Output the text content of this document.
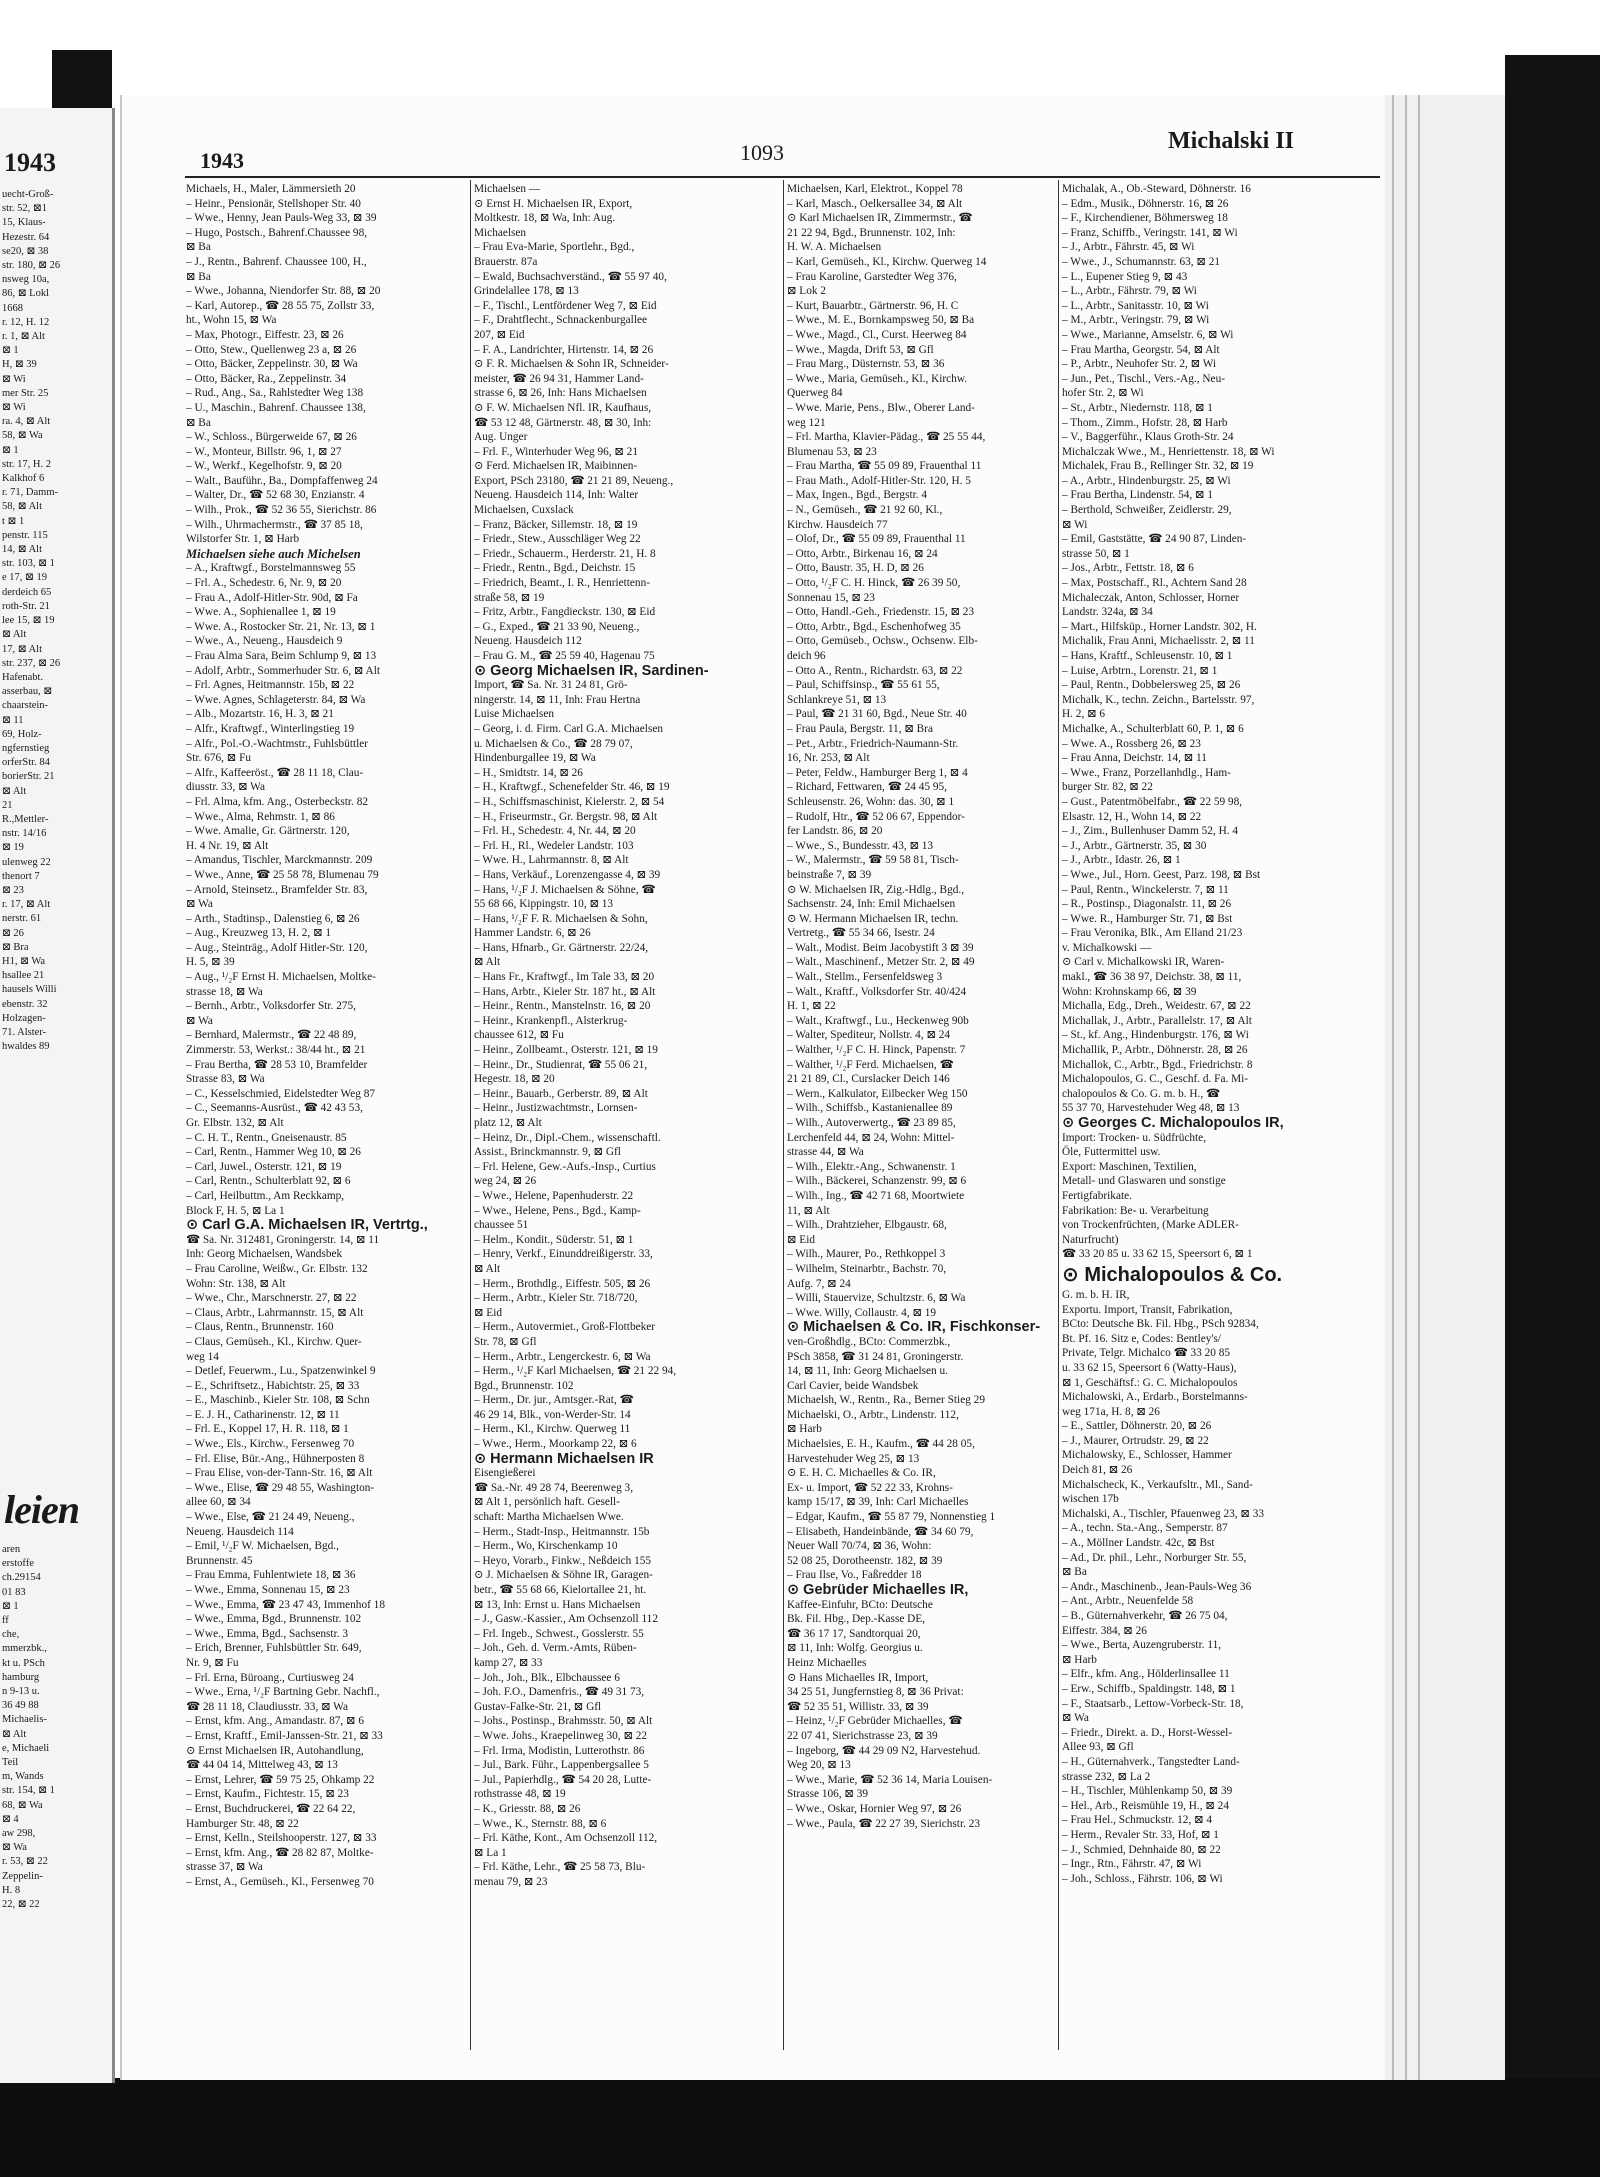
1943
uecht-Groß-
str. 52, ⊠1
15, Klaus-
Hezestr. 64
se20, ⊠ 38
str. 180, ⊠ 26
nsweg 10a,
86, ⊠ Lokl
1668
r. 12, H. 12
r. 1, ⊠ Alt
⊠ 1
H, ⊠ 39
⊠ Wi
mer Str. 25
⊠ Wi
ra. 4, ⊠ Alt
58, ⊠ Wa
⊠ 1
str. 17, H. 2
Kalkhof 6
r. 71, Damm-
58, ⊠ Alt
t ⊠ 1
penstr. 115
14, ⊠ Alt
str. 103, ⊠ 1
e 17, ⊠ 19
derdeich 65
roth-Str. 21
lee 15, ⊠ 19
⊠ Alt
17, ⊠ Alt
str. 237, ⊠ 26
Hafenabt.
asserbau, ⊠
chaarstein-
⊠ 11
69, Holz-
ngfernstieg
orferStr. 84
borierStr. 21
⊠ Alt
21
R.,Mettler-
nstr. 14/16
⊠ 19
ulenweg 22
thenort 7
⊠ 23
r. 17, ⊠ Alt
nerstr. 61
⊠ 26
⊠ Bra
H1, ⊠ Wa
hsallee 21
hausels Willi
ebenstr. 32
Holzagen-
71. Alster-
hwaldes 89
leien
aren
erstoffe
ch.29154
01 83
⊠ 1
ff
che,
mmerzbk.,
kt u. PSch
hamburg
n 9-13 u.
36 49 88
Michaelis-
⊠ Alt
e, Michaeli
Teil
m, Wands
str. 154, ⊠ 1
68, ⊠ Wa
⊠ 4
aw 298,
⊠ Wa
r. 53, ⊠ 22
Zeppelin-
H. 8
22, ⊠ 22
1943	1093	Michalski II
Michaels, H., Maler, Lämmersieth 20
– Heinr., Pensionär, Stellshoper Str. 40
– Wwe., Henny, Jean Pauls-Weg 33, ⊠ 39
– Hugo, Postsch., Bahrenf.Chaussee 98,
⊠ Ba
– J., Rentn., Bahrenf. Chaussee 100, H.,
⊠ Ba
– Wwe., Johanna, Niendorfer Str. 88, ⊠ 20
– Karl, Autorep., ☎ 28 55 75, Zollstr 33,
ht., Wohn 15, ⊠ Wa
– Max, Photogr., Eiffestr. 23, ⊠ 26
– Otto, Stew., Quellenweg 23 a, ⊠ 26
– Otto, Bäcker, Zeppelinstr. 30, ⊠ Wa
– Otto, Bäcker, Ra., Zeppelinstr. 34
– Rud., Ang., Sa., Rahlstedter Weg 138
– U., Maschin., Bahrenf. Chaussee 138,
⊠ Ba
– W., Schloss., Bürgerweide 67, ⊠ 26
– W., Monteur, Billstr. 96, 1, ⊠ 27
– W., Werkf., Kegelhofstr. 9, ⊠ 20
– Walt., Bauführ., Ba., Dompfaffenweg 24
– Walter, Dr., ☎ 52 68 30, Enzianstr. 4
– Wilh., Prok., ☎ 52 36 55, Sierichstr. 86
– Wilh., Uhrmachermstr., ☎ 37 85 18,
Wilstorfer Str. 1, ⊠ Harb
Michaelsen siehe auch Michelsen
– A., Kraftwgf., Borstelmannsweg 55
– Frl. A., Schedestr. 6, Nr. 9, ⊠ 20
– Frau A., Adolf-Hitler-Str. 90d, ⊠ Fa
– Wwe. A., Sophienallee 1, ⊠ 19
– Wwe. A., Rostocker Str. 21, Nr. 13, ⊠ 1
– Wwe., A., Neueng., Hausdeich 9
– Frau Alma Sara, Beim Schlump 9, ⊠ 13
– Adolf, Arbtr., Sommerhuder Str. 6, ⊠ Alt
– Frl. Agnes, Heitmannstr. 15b, ⊠ 22
– Wwe. Agnes, Schlageterstr. 84, ⊠ Wa
– Alb., Mozartstr. 16, H. 3, ⊠ 21
– Alfr., Kraftwgf., Winterlingstieg 19
– Alfr., Pol.-O.-Wachtmstr., Fuhlsbüttler
Str. 676, ⊠ Fu
– Alfr., Kaffeeröst., ☎ 28 11 18, Clau-
diusstr. 33, ⊠ Wa
– Frl. Alma, kfm. Ang., Osterbeckstr. 82
– Wwe., Alma, Rehmstr. 1, ⊠ 86
– Wwe. Amalie, Gr. Gärtnerstr. 120,
H. 4 Nr. 19, ⊠ Alt
– Amandus, Tischler, Marckmannstr. 209
– Wwe., Anne, ☎ 25 58 78, Blumenau 79
– Arnold, Steinsetz., Bramfelder Str. 83,
⊠ Wa
– Arth., Stadtinsp., Dalenstieg 6, ⊠ 26
– Aug., Kreuzweg 13, H. 2, ⊠ 1
– Aug., Steinträg., Adolf Hitler-Str. 120,
H. 5, ⊠ 39
– Aug., ¹/₂F Ernst H. Michaelsen, Moltke-
strasse 18, ⊠ Wa
– Bernh., Arbtr., Volksdorfer Str. 275,
⊠ Wa
– Bernhard, Malermstr., ☎ 22 48 89,
Zimmerstr. 53, Werkst.: 38/44 ht., ⊠ 21
– Frau Bertha, ☎ 28 53 10, Bramfelder
Strasse 83, ⊠ Wa
– C., Kesselschmied, Eidelstedter Weg 87
– C., Seemanns-Ausrüst., ☎ 42 43 53,
Gr. Elbstr. 132, ⊠ Alt
– C. H. T., Rentn., Gneisenaustr. 85
– Carl, Rentn., Hammer Weg 10, ⊠ 26
– Carl, Juwel., Osterstr. 121, ⊠ 19
– Carl, Rentn., Schulterblatt 92, ⊠ 6
– Carl, Heilbuttm., Am Reckkamp,
Block F, H. 5, ⊠ La 1
⊙ Carl G.A. Michaelsen IR, Vertrtg.,
☎ Sa. Nr. 312481, Groningerstr. 14, ⊠ 11
Inh: Georg Michaelsen, Wandsbek
– Frau Caroline, Weißw., Gr. Elbstr. 132
Wohn: Str. 138, ⊠ Alt
– Wwe., Chr., Marschnerstr. 27, ⊠ 22
– Claus, Arbtr., Lahrmannstr. 15, ⊠ Alt
– Claus, Rentn., Brunnenstr. 160
– Claus, Gemüseh., Kl., Kirchw. Quer-
weg 14
– Detlef, Feuerwm., Lu., Spatzenwinkel 9
– E., Schriftsetz., Habichtstr. 25, ⊠ 33
– E., Maschinb., Kieler Str. 108, ⊠ Schn
– E. J. H., Catharinenstr. 12, ⊠ 11
– Frl. E., Koppel 17, H. R. 118, ⊠ 1
– Wwe., Els., Kirchw., Fersenweg 70
– Frl. Elise, Bür.-Ang., Hühnerposten 8
– Frau Elise, von-der-Tann-Str. 16, ⊠ Alt
– Wwe., Elise, ☎ 29 48 55, Washington-
allee 60, ⊠ 34
– Wwe., Else, ☎ 21 24 49, Neueng.,
Neueng. Hausdeich 114
– Emil, ¹/₂F W. Michaelsen, Bgd.,
Brunnenstr. 45
– Frau Emma, Fuhlentwiete 18, ⊠ 36
– Wwe., Emma, Sonnenau 15, ⊠ 23
– Wwe., Emma, ☎ 23 47 43, Immenhof 18
– Wwe., Emma, Bgd., Brunnenstr. 102
– Wwe., Emma, Bgd., Sachsenstr. 3
– Erich, Brenner, Fuhlsbüttler Str. 649,
Nr. 9, ⊠ Fu
– Frl. Erna, Büroang., Curtiusweg 24
– Wwe., Erna, ¹/₂F Bartning Gebr. Nachfl.,
☎ 28 11 18, Claudiusstr. 33, ⊠ Wa
– Ernst, kfm. Ang., Amandastr. 87, ⊠ 6
– Ernst, Kraftf., Emil-Janssen-Str. 21, ⊠ 33
⊙ Ernst Michaelsen IR, Autohandlung,
☎ 44 04 14, Mittelweg 43, ⊠ 13
– Ernst, Lehrer, ☎ 59 75 25, Ohkamp 22
– Ernst, Kaufm., Fichtestr. 15, ⊠ 23
– Ernst, Buchdruckerei, ☎ 22 64 22,
Hamburger Str. 48, ⊠ 22
– Ernst, Kelln., Steilshooperstr. 127, ⊠ 33
– Ernst, kfm. Ang., ☎ 28 82 87, Moltke-
strasse 37, ⊠ Wa
– Ernst, A., Gemüseh., Kl., Fersenweg 70
Michaelsen —
⊙ Ernst H. Michaelsen IR, Export,
Moltkestr. 18, ⊠ Wa, Inh: Aug.
Michaelsen
– Frau Eva-Marie, Sportlehr., Bgd.,
Brauerstr. 87a
– Ewald, Buchsachverständ., ☎ 55 97 40,
Grindelallee 178, ⊠ 13
– F., Tischl., Lentfördener Weg 7, ⊠ Eid
– F., Drahtflecht., Schnackenburgallee
207, ⊠ Eid
– F. A., Landrichter, Hirtenstr. 14, ⊠ 26
⊙ F. R. Michaelsen & Sohn IR, Schneider-
meister, ☎ 26 94 31, Hammer Land-
strasse 6, ⊠ 26, Inh: Hans Michaelsen
⊙ F. W. Michaelsen Nfl. IR, Kaufhaus,
☎ 53 12 48, Gärtnerstr. 48, ⊠ 30, Inh:
Aug. Unger
– Frl. F., Winterhuder Weg 96, ⊠ 21
⊙ Ferd. Michaelsen IR, Maibinnen-
Export, PSch 23180, ☎ 21 21 89, Neueng.,
Neueng. Hausdeich 114, Inh: Walter
Michaelsen, Cuxslack
– Franz, Bäcker, Sillemstr. 18, ⊠ 19
– Friedr., Stew., Ausschläger Weg 22
– Friedr., Schauerm., Herderstr. 21, H. 8
– Friedr., Rentn., Bgd., Deichstr. 15
– Friedrich, Beamt., I. R., Henriettenn-
straße 58, ⊠ 19
– Fritz, Arbtr., Fangdieckstr. 130, ⊠ Eid
– G., Exped., ☎ 21 33 90, Neueng.,
Neueng. Hausdeich 112
– Frau G. M., ☎ 25 59 40, Hagenau 75
⊙ Georg Michaelsen IR, Sardinen-
Import, ☎ Sa. Nr. 31 24 81, Grö-
ningerstr. 14, ⊠ 11, Inh: Frau Hertna
Luise Michaelsen
– Georg, i. d. Firm. Carl G.A. Michaelsen
u. Michaelsen & Co., ☎ 28 79 07,
Hindenburgallee 19, ⊠ Wa
– H., Smidtstr. 14, ⊠ 26
– H., Kraftwgf., Schenefelder Str. 46, ⊠ 19
– H., Schiffsmaschinist, Kielerstr. 2, ⊠ 54
– H., Friseurmstr., Gr. Bergstr. 98, ⊠ Alt
– Frl. H., Schedestr. 4, Nr. 44, ⊠ 20
– Frl. H., Rl., Wedeler Landstr. 103
– Wwe. H., Lahrmannstr. 8, ⊠ Alt
– Hans, Verkäuf., Lorenzengasse 4, ⊠ 39
– Hans, ¹/₂F J. Michaelsen & Söhne, ☎
55 68 66, Kippingstr. 10, ⊠ 13
– Hans, ¹/₂F F. R. Michaelsen & Sohn,
Hammer Landstr. 6, ⊠ 26
– Hans, Hfnarb., Gr. Gärtnerstr. 22/24,
⊠ Alt
– Hans Fr., Kraftwgf., Im Tale 33, ⊠ 20
– Hans, Arbtr., Kieler Str. 187 ht., ⊠ Alt
– Heinr., Rentn., Manstelnstr. 16, ⊠ 20
– Heinr., Krankenpfl., Alsterkrug-
chaussee 612, ⊠ Fu
– Heinr., Zollbeamt., Osterstr. 121, ⊠ 19
– Heinr., Dr., Studienrat, ☎ 55 06 21,
Hegestr. 18, ⊠ 20
– Heinr., Bauarb., Gerberstr. 89, ⊠ Alt
– Heinr., Justizwachtmstr., Lornsen-
platz 12, ⊠ Alt
– Heinz, Dr., Dipl.-Chem., wissenschaftl.
Assist., Brinckmannstr. 9, ⊠ Gfl
– Frl. Helene, Gew.-Aufs.-Insp., Curtius
weg 24, ⊠ 26
– Wwe., Helene, Papenhuderstr. 22
– Wwe., Helene, Pens., Bgd., Kamp-
chaussee 51
– Helm., Kondit., Süderstr. 51, ⊠ 1
– Henry, Verkf., Einunddreißigerstr. 33,
⊠ Alt
– Herm., Brothdlg., Eiffestr. 505, ⊠ 26
– Herm., Arbtr., Kieler Str. 718/720,
⊠ Eid
– Herm., Autovermiet., Groß-Flottbeker
Str. 78, ⊠ Gfl
– Herm., Arbtr., Lengerckestr. 6, ⊠ Wa
– Herm., ¹/₂F Karl Michaelsen, ☎ 21 22 94,
Bgd., Brunnenstr. 102
– Herm., Dr. jur., Amtsger.-Rat, ☎
46 29 14, Blk., von-Werder-Str. 14
– Herm., Kl., Kirchw. Querweg 11
– Wwe., Herm., Moorkamp 22, ⊠ 6
⊙ Hermann Michaelsen IR
Eisengießerei
☎ Sa.-Nr. 49 28 74, Beerenweg 3,
⊠ Alt 1, persönlich haft. Gesell-
schaft: Martha Michaelsen Wwe.
– Herm., Stadt-Insp., Heitmannstr. 15b
– Herm., Wo, Kirschenkamp 10
– Heyo, Vorarb., Finkw., Neßdeich 155
⊙ J. Michaelsen & Söhne IR, Garagen-
betr., ☎ 55 68 66, Kielortallee 21, ht.
⊠ 13, Inh: Ernst u. Hans Michaelsen
– J., Gasw.-Kassier., Am Ochsenzoll 112
– Frl. Ingeb., Schwest., Gosslerstr. 55
– Joh., Geh. d. Verm.-Amts, Rüben-
kamp 27, ⊠ 33
– Joh., Joh., Blk., Elbchaussee 6
– Joh. F.O., Damenfris., ☎ 49 31 73,
Gustav-Falke-Str. 21, ⊠ Gfl
– Johs., Postinsp., Brahmsstr. 50, ⊠ Alt
– Wwe. Johs., Kraepelinweg 30, ⊠ 22
– Frl. Irma, Modistin, Lutterothstr. 86
– Jul., Bark. Führ., Lappenbergsallee 5
– Jul., Papierhdlg., ☎ 54 20 28, Lutte-
rothstrasse 48, ⊠ 19
– K., Griesstr. 88, ⊠ 26
– Wwe., K., Sternstr. 88, ⊠ 6
– Frl. Käthe, Kont., Am Ochsenzoll 112,
⊠ La 1
– Frl. Käthe, Lehr., ☎ 25 58 73, Blu-
menau 79, ⊠ 23
Michaelsen, Karl, Elektrot., Koppel 78
– Karl, Masch., Oelkersallee 34, ⊠ Alt
⊙ Karl Michaelsen IR, Zimmermstr., ☎
21 22 94, Bgd., Brunnenstr. 102, Inh:
H. W. A. Michaelsen
– Karl, Gemüseh., Kl., Kirchw. Querweg 14
– Frau Karoline, Garstedter Weg 376,
⊠ Lok 2
– Kurt, Bauarbtr., Gärtnerstr. 96, H. C
– Wwe., M. E., Bornkampsweg 50, ⊠ Ba
– Wwe., Magd., Cl., Curst. Heerweg 84
– Wwe., Magda, Drift 53, ⊠ Gfl
– Frau Marg., Düsternstr. 53, ⊠ 36
– Wwe., Maria, Gemüseh., Kl., Kirchw.
Querweg 84
– Wwe. Marie, Pens., Blw., Oberer Land-
weg 121
– Frl. Martha, Klavier-Pädag., ☎ 25 55 44,
Blumenau 53, ⊠ 23
– Frau Martha, ☎ 55 09 89, Frauenthal 11
– Frau Math., Adolf-Hitler-Str. 120, H. 5
– Max, Ingen., Bgd., Bergstr. 4
– N., Gemüseh., ☎ 21 92 60, Kl.,
Kirchw. Hausdeich 77
– Olof, Dr., ☎ 55 09 89, Frauenthal 11
– Otto, Arbtr., Birkenau 16, ⊠ 24
– Otto, Baustr. 35, H. D, ⊠ 26
– Otto, ¹/₂F C. H. Hinck, ☎ 26 39 50,
Sonnenau 15, ⊠ 23
– Otto, Handl.-Geh., Friedenstr. 15, ⊠ 23
– Otto, Arbtr., Bgd., Eschenhofweg 35
– Otto, Gemüseb., Ochsw., Ochsenw. Elb-
deich 96
– Otto A., Rentn., Richardstr. 63, ⊠ 22
– Paul, Schiffsinsp., ☎ 55 61 55,
Schlankreye 51, ⊠ 13
– Paul, ☎ 21 31 60, Bgd., Neue Str. 40
– Frau Paula, Bergstr. 11, ⊠ Bra
– Pet., Arbtr., Friedrich-Naumann-Str.
16, Nr. 253, ⊠ Alt
– Peter, Feldw., Hamburger Berg 1, ⊠ 4
– Richard, Fettwaren, ☎ 24 45 95,
Schleusenstr. 26, Wohn: das. 30, ⊠ 1
– Rudolf, Htr., ☎ 52 06 67, Eppendor-
fer Landstr. 86, ⊠ 20
– Wwe., S., Bundesstr. 43, ⊠ 13
– W., Malermstr., ☎ 59 58 81, Tisch-
beinstraße 7, ⊠ 39
⊙ W. Michaelsen IR, Zig.-Hdlg., Bgd.,
Sachsenstr. 24, Inh: Emil Michaelsen
⊙ W. Hermann Michaelsen IR, techn.
Vertretg., ☎ 55 34 66, Isestr. 24
– Walt., Modist. Beim Jacobystift 3 ⊠ 39
– Walt., Maschinenf., Metzer Str. 2, ⊠ 49
– Walt., Stellm., Fersenfeldsweg 3
– Walt., Kraftf., Volksdorfer Str. 40/424
H. 1, ⊠ 22
– Walt., Kraftwgf., Lu., Heckenweg 90b
– Walter, Spediteur, Nollstr. 4, ⊠ 24
– Walther, ¹/₂F C. H. Hinck, Papenstr. 7
– Walther, ¹/₂F Ferd. Michaelsen, ☎
21 21 89, Cl., Curslacker Deich 146
– Wern., Kalkulator, Eilbecker Weg 150
– Wilh., Schiffsb., Kastanienallee 89
– Wilh., Autoverwertg., ☎ 23 89 85,
Lerchenfeld 44, ⊠ 24, Wohn: Mittel-
strasse 44, ⊠ Wa
– Wilh., Elektr.-Ang., Schwanenstr. 1
– Wilh., Bäckerei, Schanzenstr. 99, ⊠ 6
– Wilh., Ing., ☎ 42 71 68, Moortwiete
11, ⊠ Alt
– Wilh., Drahtzieher, Elbgaustr. 68,
⊠ Eid
– Wilh., Maurer, Po., Rethkoppel 3
– Wilhelm, Steinarbtr., Bachstr. 70,
Aufg. 7, ⊠ 24
– Willi, Stauervize, Schultzstr. 6, ⊠ Wa
– Wwe. Willy, Collaustr. 4, ⊠ 19
⊙ Michaelsen & Co. IR, Fischkonser-
ven-Großhdlg., BCto: Commerzbk.,
PSch 3858, ☎ 31 24 81, Groningerstr.
14, ⊠ 11, Inh: Georg Michaelsen u.
Carl Cavier, beide Wandsbek
Michaelsh, W., Rentn., Ra., Berner Stieg 29
Michaelski, O., Arbtr., Lindenstr. 112,
⊠ Harb
Michaelsies, E. H., Kaufm., ☎ 44 28 05,
Harvestehuder Weg 25, ⊠ 13
⊙ E. H. C. Michaelles & Co. IR,
Ex- u. Import, ☎ 52 22 33, Krohns-
kamp 15/17, ⊠ 39, Inh: Carl Michaelles
– Edgar, Kaufm., ☎ 55 87 79, Nonnenstieg 1
– Elisabeth, Handeinbände, ☎ 34 60 79,
Neuer Wall 70/74, ⊠ 36, Wohn:
52 08 25, Dorotheenstr. 182, ⊠ 39
– Frau Ilse, Vo., Faßredder 18
⊙ Gebrüder Michaelles IR,
Kaffee-Einfuhr, BCto: Deutsche
Bk. Fil. Hbg., Dep.-Kasse DE,
☎ 36 17 17, Sandtorquai 20,
⊠ 11, Inh: Wolfg. Georgius u.
Heinz Michaelles
⊙ Hans Michaelles IR, Import,
34 25 51, Jungfernstieg 8, ⊠ 36 Privat:
☎ 52 35 51, Willistr. 33, ⊠ 39
– Heinz, ¹/₂F Gebrüder Michaelles, ☎
22 07 41, Sierichstrasse 23, ⊠ 39
– Ingeborg, ☎ 44 29 09 N2, Harvestehud.
Weg 20, ⊠ 13
– Wwe., Marie, ☎ 52 36 14, Maria Louisen-
Strasse 106, ⊠ 39
– Wwe., Oskar, Hornier Weg 97, ⊠ 26
– Wwe., Paula, ☎ 22 27 39, Sierichstr. 23
Michalak, A., Ob.-Steward, Döhnerstr. 16
– Edm., Musik., Döhnerstr. 16, ⊠ 26
– F., Kirchendiener, Böhmersweg 18
– Franz, Schiffb., Veringstr. 141, ⊠ Wi
– J., Arbtr., Fährstr. 45, ⊠ Wi
– Wwe., J., Schumannstr. 63, ⊠ 21
– L., Eupener Stieg 9, ⊠ 43
– L., Arbtr., Fährstr. 79, ⊠ Wi
– L., Arbtr., Sanitasstr. 10, ⊠ Wi
– M., Arbtr., Veringstr. 79, ⊠ Wi
– Wwe., Marianne, Amselstr. 6, ⊠ Wi
– Frau Martha, Georgstr. 54, ⊠ Alt
– P., Arbtr., Neuhofer Str. 2, ⊠ Wi
– Jun., Pet., Tischl., Vers.-Ag., Neu-
hofer Str. 2, ⊠ Wi
– St., Arbtr., Niedernstr. 118, ⊠ 1
– Thom., Zimm., Hofstr. 28, ⊠ Harb
– V., Baggerführ., Klaus Groth-Str. 24
Michalczak Wwe., M., Henriettenstr. 18, ⊠ Wi
Michalek, Frau B., Rellinger Str. 32, ⊠ 19
– A., Arbtr., Hindenburgstr. 25, ⊠ Wi
– Frau Bertha, Lindenstr. 54, ⊠ 1
– Berthold, Schweißer, Zeidlerstr. 29,
⊠ Wi
– Emil, Gaststätte, ☎ 24 90 87, Linden-
strasse 50, ⊠ 1
– Jos., Arbtr., Fettstr. 18, ⊠ 6
– Max, Postschaff., Rl., Achtern Sand 28
Michaleczak, Anton, Schlosser, Horner
Landstr. 324a, ⊠ 34
– Mart., Hilfsküp., Horner Landstr. 302, H.
Michalik, Frau Anni, Michaelisstr. 2, ⊠ 11
– Hans, Kraftf., Schleusenstr. 10, ⊠ 1
– Luise, Arbtrn., Lorenstr. 21, ⊠ 1
– Paul, Rentn., Dobbelersweg 25, ⊠ 26
Michalk, K., techn. Zeichn., Bartelsstr. 97,
H. 2, ⊠ 6
Michalke, A., Schulterblatt 60, P. 1, ⊠ 6
– Wwe. A., Rossberg 26, ⊠ 23
– Frau Anna, Deichstr. 14, ⊠ 11
– Wwe., Franz, Porzellanhdlg., Ham-
burger Str. 82, ⊠ 22
– Gust., Patentmöbelfabr., ☎ 22 59 98,
Elsastr. 12, H., Wohn 14, ⊠ 22
– J., Zim., Bullenhuser Damm 52, H. 4
– J., Arbtr., Gärtnerstr. 35, ⊠ 30
– J., Arbtr., Idastr. 26, ⊠ 1
– Wwe., Jul., Horn. Geest, Parz. 198, ⊠ Bst
– Paul, Rentn., Winckelerstr. 7, ⊠ 11
– R., Postinsp., Diagonalstr. 11, ⊠ 26
– Wwe. R., Hamburger Str. 71, ⊠ Bst
– Frau Veronika, Blk., Am Elland 21/23
v. Michalkowski —
⊙ Carl v. Michalkowski IR, Waren-
makl., ☎ 36 38 97, Deichstr. 38, ⊠ 11,
Wohn: Krohnskamp 66, ⊠ 39
Michalla, Edg., Dreh., Weidestr. 67, ⊠ 22
Michallak, J., Arbtr., Parallelstr. 17, ⊠ Alt
– St., kf. Ang., Hindenburgstr. 176, ⊠ Wi
Michallik, P., Arbtr., Döhnerstr. 28, ⊠ 26
Michallok, C., Arbtr., Bgd., Friedrichstr. 8
Michalopoulos, G. C., Geschf. d. Fa. Mi-
chalopoulos & Co. G. m. b. H., ☎
55 37 70, Harvestehuder Weg 48, ⊠ 13
⊙ Georges C. Michalopoulos IR,
Import: Trocken- u. Südfrüchte,
Öle, Futtermittel usw.
Export: Maschinen, Textilien,
Metall- und Glaswaren und sonstige
Fertigfabrikate.
Fabrikation: Be- u. Verarbeitung
von Trockenfrüchten, (Marke ADLER-
Naturfrucht)
☎ 33 20 85 u. 33 62 15, Speersort 6, ⊠ 1
⊙ Michalopoulos & Co.
G. m. b. H. IR,
Exportu. Import, Transit, Fabrikation,
BCto: Deutsche Bk. Fil. Hbg., PSch 92834,
Bt. Pf. 16. Sitz e, Codes: Bentley's/
Private, Telgr. Michalco ☎ 33 20 85
u. 33 62 15, Speersort 6 (Watty-Haus),
⊠ 1, Geschäftsf.: G. C. Michalopoulos
Michalowski, A., Erdarb., Borstelmanns-
weg 171a, H. 8, ⊠ 26
– E., Sattler, Döhnerstr. 20, ⊠ 26
– J., Maurer, Ortrudstr. 29, ⊠ 22
Michalowsky, E., Schlosser, Hammer
Deich 81, ⊠ 26
Michalscheck, K., Verkaufsltr., Ml., Sand-
wischen 17b
Michalski, A., Tischler, Pfauenweg 23, ⊠ 33
– A., techn. Sta.-Ang., Semperstr. 87
– A., Möllner Landstr. 42c, ⊠ Bst
– Ad., Dr. phil., Lehr., Norburger Str. 55,
⊠ Ba
– Andr., Maschinenb., Jean-Pauls-Weg 36
– Ant., Arbtr., Neuenfelde 58
– B., Güternahverkehr, ☎ 26 75 04,
Eiffestr. 384, ⊠ 26
– Wwe., Berta, Auzengruberstr. 11,
⊠ Harb
– Elfr., kfm. Ang., Hölderlinsallee 11
– Erw., Schiffb., Spaldingstr. 148, ⊠ 1
– F., Staatsarb., Lettow-Vorbeck-Str. 18,
⊠ Wa
– Friedr., Direkt. a. D., Horst-Wessel-
Allee 93, ⊠ Gfl
– H., Güternahverk., Tangstedter Land-
strasse 232, ⊠ La 2
– H., Tischler, Mühlenkamp 50, ⊠ 39
– Hel., Arb., Reismühle 19, H., ⊠ 24
– Frau Hel., Schmuckstr. 12, ⊠ 4
– Herm., Revaler Str. 33, Hof, ⊠ 1
– J., Schmied, Dehnhaide 80, ⊠ 22
– Ingr., Rtn., Fährstr. 47, ⊠ Wi
– Joh., Schloss., Fährstr. 106, ⊠ Wi
